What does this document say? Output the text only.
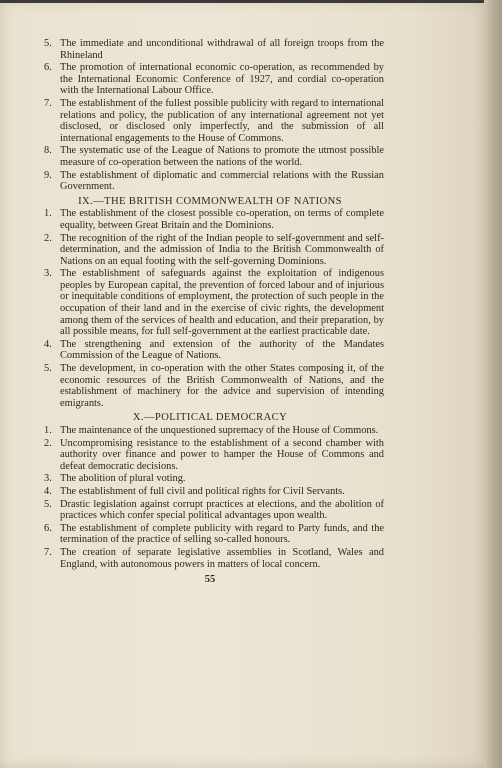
5. The immediate and unconditional withdrawal of all foreign troops from the Rhineland

6. The promotion of international economic co-operation, as recommended by the International Economic Conference of 1927, and cordial co-operation with the International Labour Office.

7. The establishment of the fullest possible publicity with regard to international relations and policy, the publication of any international agreement not yet disclosed, or disclosed only imperfectly, and the submission of all international engagements to the House of Commons.

8. The systematic use of the League of Nations to promote the utmost possible measure of co-operation between the nations of the world.

9. The establishment of diplomatic and commercial relations with the Russian Government.

IX.—THE BRITISH COMMONWEALTH OF NATIONS

1. The establishment of the closest possible co-operation, on terms of complete equality, between Great Britain and the Dominions.

2. The recognition of the right of the Indian people to self-government and self-determination, and the admission of India to the British Commonwealth of Nations on an equal footing with the self-governing Dominions.

3. The establishment of safeguards against the exploitation of indigenous peoples by European capital, the prevention of forced labour and of injurious or inequitable conditions of employment, the protection of such people in the occupation of their land and in the exercise of civic rights, the development among them of the services of health and education, and their preparation, by all possible means, for full self-government at the earliest practicable date.

4. The strengthening and extension of the authority of the Mandates Commission of the League of Nations.

5. The development, in co-operation with the other States composing it, of the economic resources of the British Commonwealth of Nations, and the establishment of machinery for the advice and supervision of intending emigrants.

X.—POLITICAL DEMOCRACY

1. The maintenance of the unquestioned supremacy of the House of Commons.

2. Uncompromising resistance to the establishment of a second chamber with authority over finance and power to hamper the House of Commons and defeat democratic decisions.

3. The abolition of plural voting.

4. The establishment of full civil and political rights for Civil Servants.

5. Drastic legislation against corrupt practices at elections, and the abolition of practices which confer special political advantages upon wealth.

6. The establishment of complete publicity with regard to Party funds, and the termination of the practice of selling so-called honours.

7. The creation of separate legislative assemblies in Scotland, Wales and England, with autonomous powers in matters of local concern.

55
